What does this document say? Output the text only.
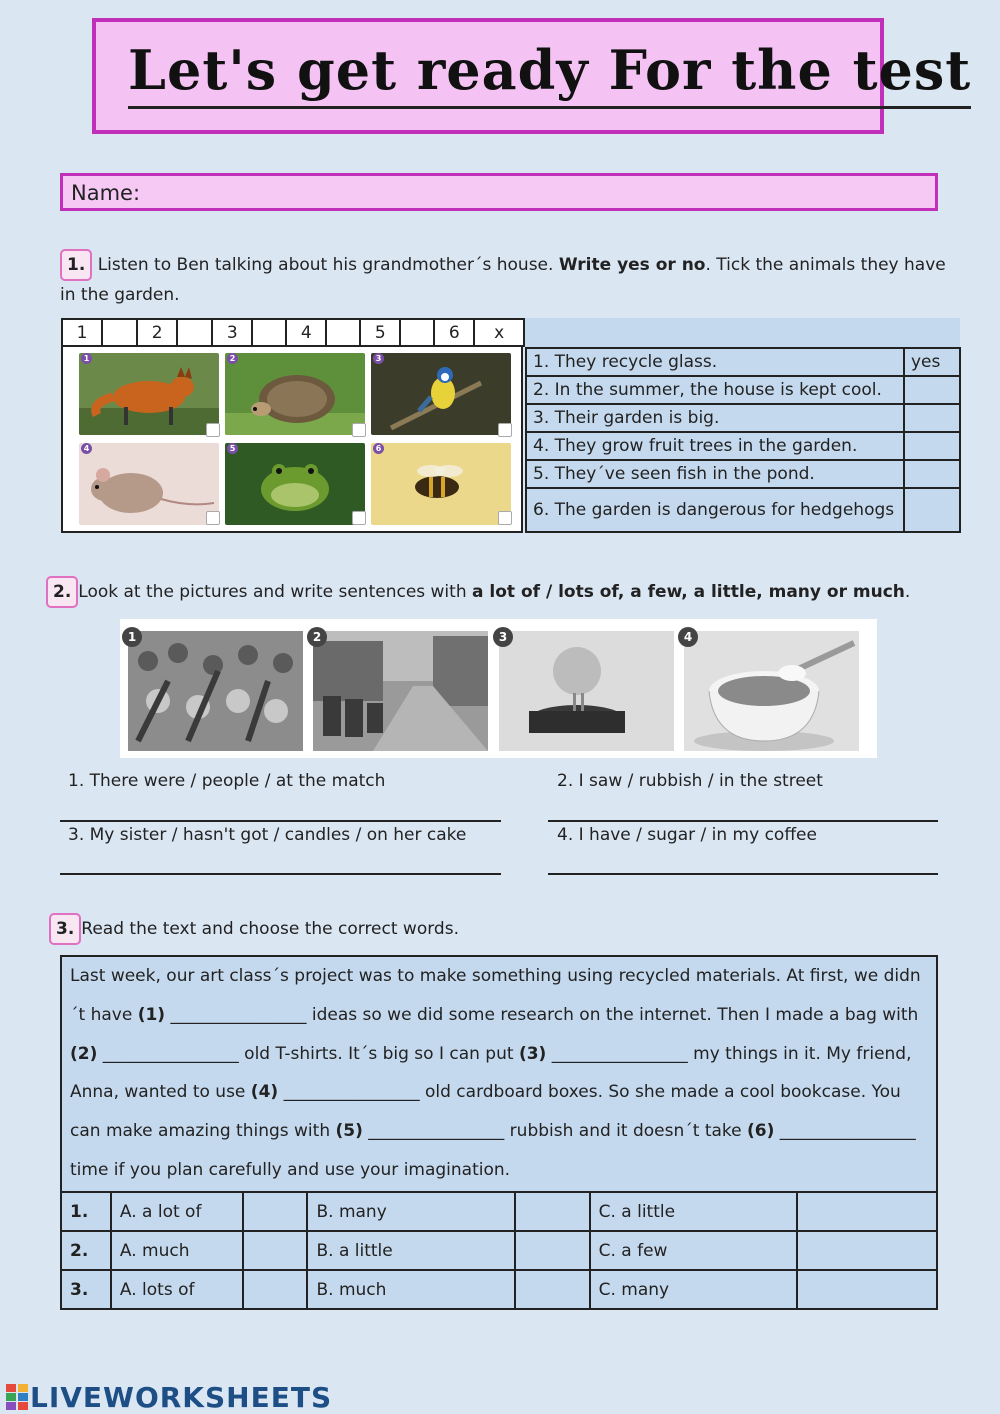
Let's get ready For the test
Name:
1. Listen to Ben talking about his grandmother´s house. Write yes or no. Tick the animals they have in the garden.
1		2		3		4		5		6	x
1	2	3
4	5	6
1. They recycle glass.	yes
2. In the summer, the house is kept cool.	
3. Their garden is big.	
4. They grow fruit trees in the garden.	
5. They´ve seen fish in the pond.	
6. The garden is dangerous for hedgehogs	
2. Look at the pictures and write sentences with a lot of / lots of, a few, a little, many or much.
1	2	3	4
1. There were / people / at the match	2. I saw / rubbish / in the street
3. My sister / hasn't got / candles / on her cake	4. I have / sugar / in my coffee
3. Read the text and choose the correct words.
Last week, our art class´s project was to make something using recycled materials. At first, we didn´t have (1) ________________ ideas so we did some research on the internet. Then I made a bag with (2) ________________ old T-shirts. It´s big so I can put (3) ________________ my things in it. My friend, Anna, wanted to use (4) ________________ old cardboard boxes. So she made a cool bookcase. You can make amazing things with (5) ________________ rubbish and it doesn´t take (6) ________________ time if you plan carefully and use your imagination.
1.	A. a lot of		B. many		C. a little	
2.	A. much		B. a little		C. a few	
3.	A. lots of		B. much		C. many	
LIVEWORKSHEETS
